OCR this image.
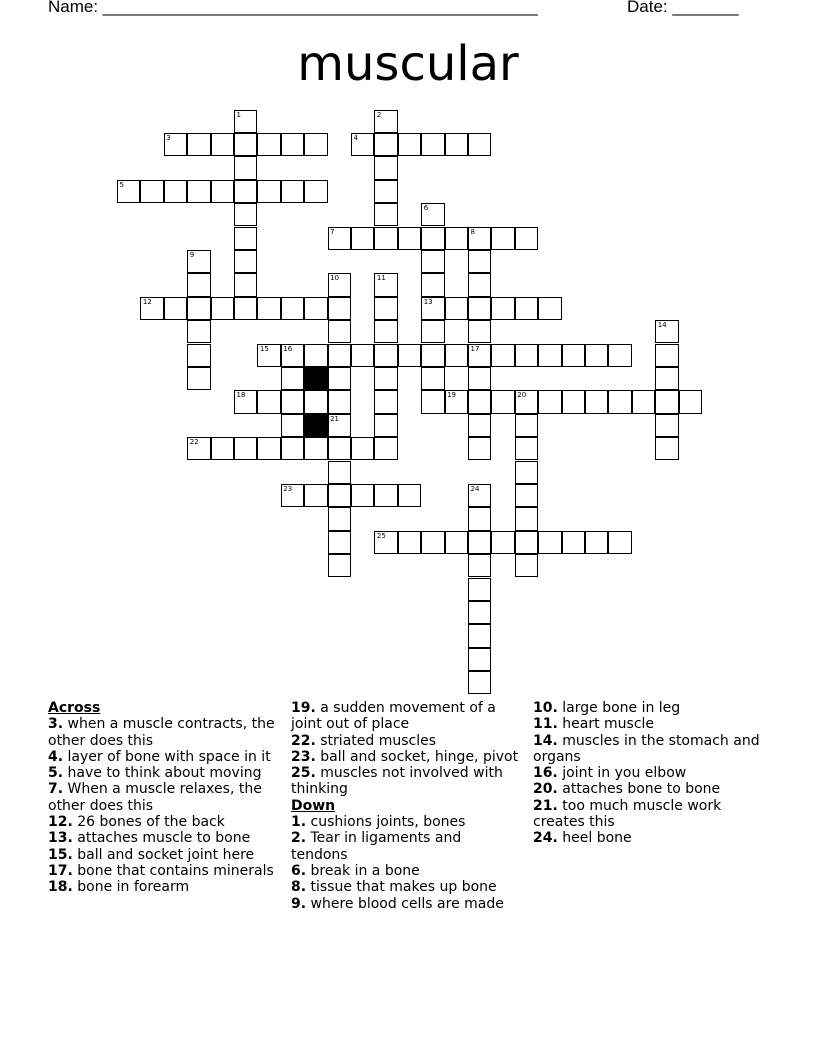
Name: ______________________________________________	Date: _______
muscular
1	2
3	4
5
6
13
7	8
17
9
10
21
11
12
14
15 16
18	19	20
22
23	24
25

Across

3. when a muscle contracts, the other does this

4. layer of bone with space in it

5. have to think about moving

7. When a muscle relaxes, the other does this

12. 26 bones of the back

13. attaches muscle to bone

15. ball and socket joint here

17. bone that contains minerals

18. bone in forearm

19. a sudden movement of a joint out of place

22. striated muscles

23. ball and socket, hinge, pivot

25. muscles not involved with thinking

Down

1. cushions joints, bones

2. Tear in ligaments and tendons

6. break in a bone

8. tissue that makes up bone

9. where blood cells are made

10. large bone in leg

11. heart muscle

14. muscles in the stomach and organs

16. joint in you elbow

20. attaches bone to bone

21. too much muscle work creates this

24. heel bone
